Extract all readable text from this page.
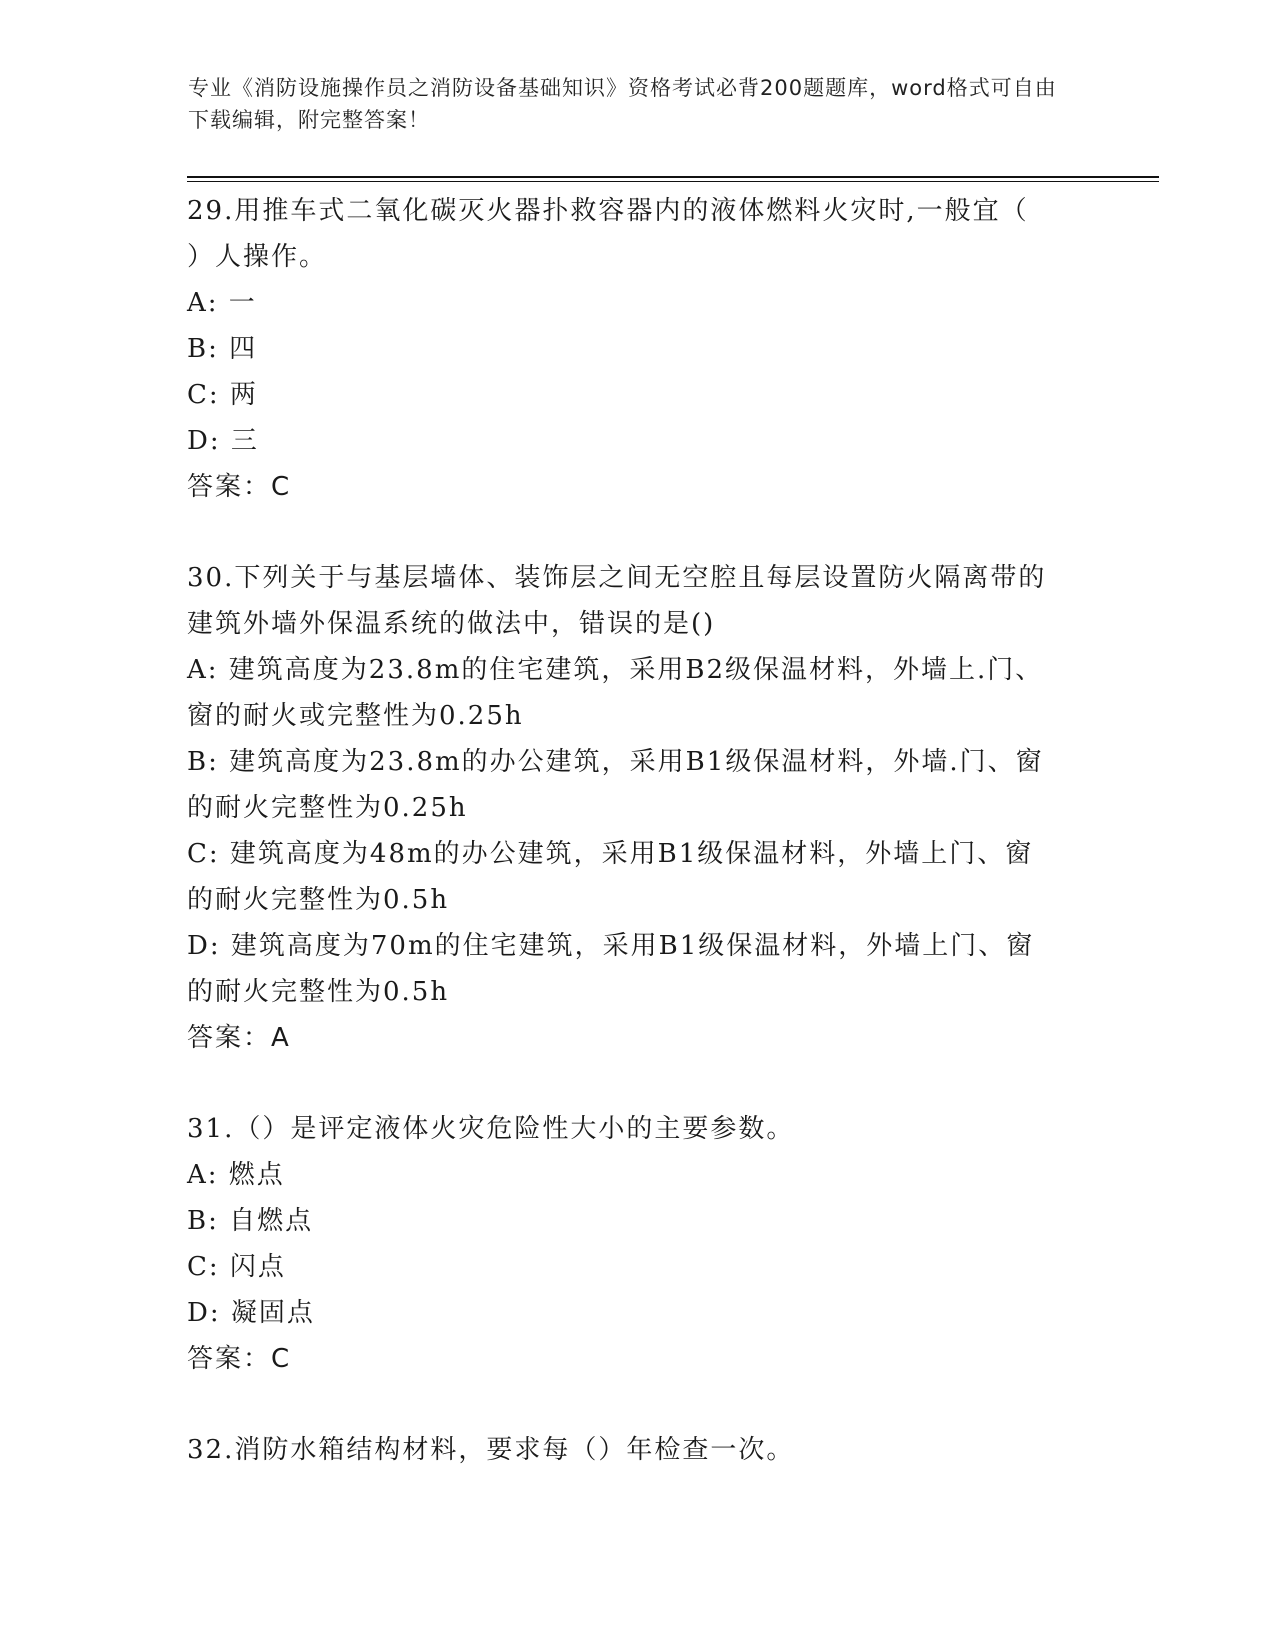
专业《消防设施操作员之消防设备基础知识》资格考试必背200题题库，word格式可自由下载编辑，附完整答案！
29.用推车式二氧化碳灭火器扑救容器内的液体燃料火灾时,一般宜（
）人操作。
A: 一
B: 四
C: 两
D: 三
答案：C
30.下列关于与基层墙体、装饰层之间无空腔且每层设置防火隔离带的
建筑外墙外保温系统的做法中，错误的是()
A: 建筑高度为23.8m的住宅建筑，采用B2级保温材料，外墙上.门、
窗的耐火或完整性为0.25h
B: 建筑高度为23.8m的办公建筑，采用B1级保温材料，外墙.门、窗
的耐火完整性为0.25h
C: 建筑高度为48m的办公建筑，采用B1级保温材料，外墙上门、窗
的耐火完整性为0.5h
D: 建筑高度为70m的住宅建筑，采用B1级保温材料，外墙上门、窗
的耐火完整性为0.5h
答案：A
31.（）是评定液体火灾危险性大小的主要参数。
A: 燃点
B: 自燃点
C: 闪点
D: 凝固点
答案：C
32.消防水箱结构材料，要求每（）年检查一次。
